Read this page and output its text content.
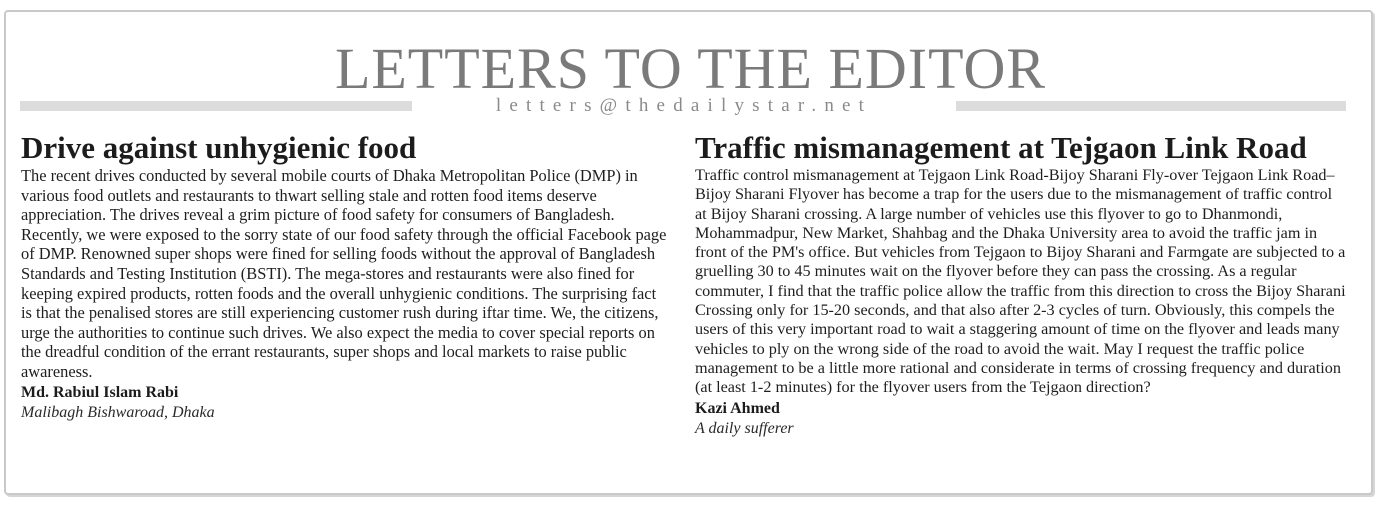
LETTERS TO THE EDITOR
letters@thedailystar.net
Drive against unhygienic food

The recent drives conducted by several mobile courts of Dhaka Metropolitan Police (DMP) in various food outlets and restaurants to thwart selling stale and rotten food items deserve appreciation. The drives reveal a grim picture of food safety for consumers of Bangladesh. Recently, we were exposed to the sorry state of our food safety through the official Facebook page of DMP. Renowned super shops were fined for selling foods without the approval of Bangladesh Standards and Testing Institution (BSTI). The mega-stores and restaurants were also fined for keeping expired products, rotten foods and the overall unhygienic conditions. The surprising fact is that the penalised stores are still experiencing customer rush during iftar time. We, the citizens, urge the authorities to continue such drives. We also expect the media to cover special reports on the dreadful condition of the errant restaurants, super shops and local markets to raise public awareness.

Md. Rabiul Islam Rabi
Malibagh Bishwaroad, Dhaka
Traffic mismanagement at Tejgaon Link Road

Traffic control mismanagement at Tejgaon Link Road-Bijoy Sharani Fly-over Tejgaon Link Road–Bijoy Sharani Flyover has become a trap for the users due to the mismanagement of traffic control at Bijoy Sharani crossing. A large number of vehicles use this flyover to go to Dhanmondi, Mohammadpur, New Market, Shahbag and the Dhaka University area to avoid the traffic jam in front of the PM's office. But vehicles from Tejgaon to Bijoy Sharani and Farmgate are subjected to a gruelling 30 to 45 minutes wait on the flyover before they can pass the crossing. As a regular commuter, I find that the traffic police allow the traffic from this direction to cross the Bijoy Sharani Crossing only for 15-20 seconds, and that also after 2-3 cycles of turn. Obviously, this compels the users of this very important road to wait a staggering amount of time on the flyover and leads many vehicles to ply on the wrong side of the road to avoid the wait. May I request the traffic police management to be a little more rational and considerate in terms of crossing frequency and duration (at least 1-2 minutes) for the flyover users from the Tejgaon direction?

Kazi Ahmed
A daily sufferer
